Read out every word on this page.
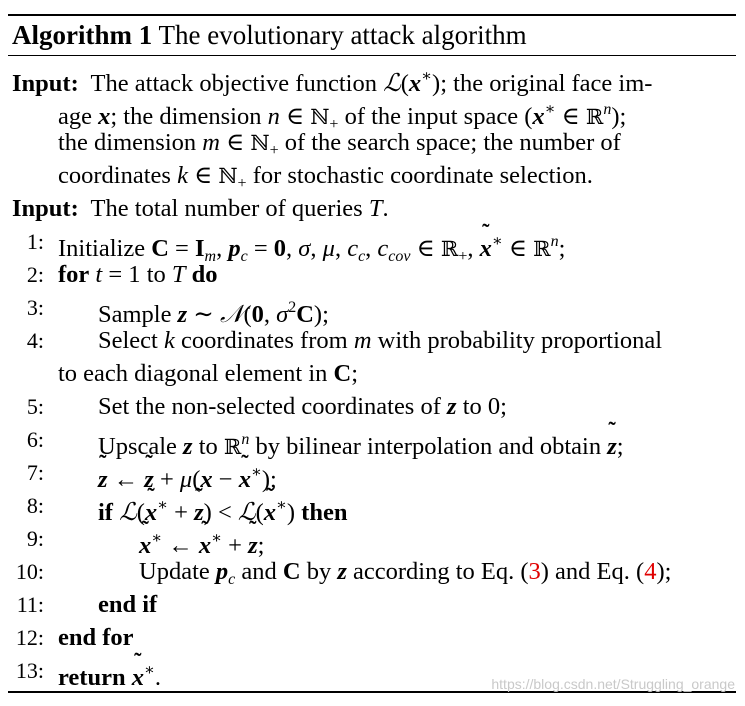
Algorithm 1 The evolutionary attack algorithm
Input: The attack objective function ℒ(x∗); the original face im-
age x; the dimension n ∈ ℕ$_+$ of the input space (x∗ ∈ ℝ$^n$);
the dimension m ∈ ℕ$_+$ of the search space; the number of
coordinates k ∈ ℕ$_+$ for stochastic coordinate selection.
Input: The total number of queries T.
1: Initialize $C = I_m$, $p_c = 0$, σ, μ, $c_c$, $c_{cov}$ ∈ ℝ$_+$, ˜ x∗ ∈ ℝ$^n$;
2: for t = 1 to T do
3: Sample z ∼ 𝒩(0, $\sigma^2C$);
4: Select k coordinates from m with probability proportional
to each diagonal element in C;
5: Set the non-selected coordinates of z to 0;
6: Upscale z to ℝ$^n$ by bilinear interpolation and obtain ˜ z;
7: ˜ z ← ˜ z + μ(x − ˜ x∗);
8: if ℒ(˜ x∗ + ˜ z) < ℒ(˜ x∗) then
9:	˜ x∗ ← ˜ x∗ + ˜ z;
10:	Update $p_c$ and C by z according to Eq. (3) and Eq. (4);
11: end if
12: end for
13: return ˜ x∗.	https://blog.csdn.net/Struggling_orange
